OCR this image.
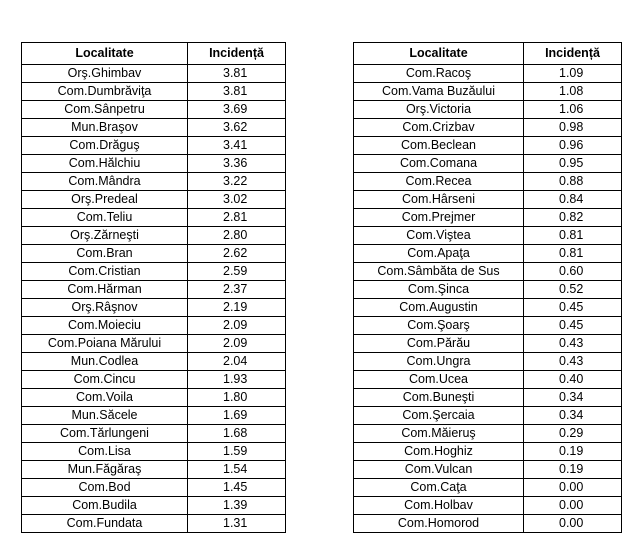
Localitate	Incidență
Orş.Ghimbav	3.81
Com.Dumbrăviţa	3.81
Com.Sânpetru	3.69
Mun.Braşov	3.62
Com.Drăguş	3.41
Com.Hălchiu	3.36
Com.Mândra	3.22
Orş.Predeal	3.02
Com.Teliu	2.81
Orş.Zărneşti	2.80
Com.Bran	2.62
Com.Cristian	2.59
Com.Hărman	2.37
Orş.Râşnov	2.19
Com.Moieciu	2.09
Com.Poiana Mărului	2.09
Mun.Codlea	2.04
Com.Cincu	1.93
Com.Voila	1.80
Mun.Săcele	1.69
Com.Tărlungeni	1.68
Com.Lisa	1.59
Mun.Făgăraş	1.54
Com.Bod	1.45
Com.Budila	1.39
Com.Fundata	1.31
Localitate	Incidență
Com.Racoş	1.09
Com.Vama Buzăului	1.08
Orş.Victoria	1.06
Com.Crizbav	0.98
Com.Beclean	0.96
Com.Comana	0.95
Com.Recea	0.88
Com.Hârseni	0.84
Com.Prejmer	0.82
Com.Viştea	0.81
Com.Apaţa	0.81
Com.Sâmbăta de Sus	0.60
Com.Şinca	0.52
Com.Augustin	0.45
Com.Şoarş	0.45
Com.Părău	0.43
Com.Ungra	0.43
Com.Ucea	0.40
Com.Buneşti	0.34
Com.Şercaia	0.34
Com.Măieruş	0.29
Com.Hoghiz	0.19
Com.Vulcan	0.19
Com.Caţa	0.00
Com.Holbav	0.00
Com.Homorod	0.00
